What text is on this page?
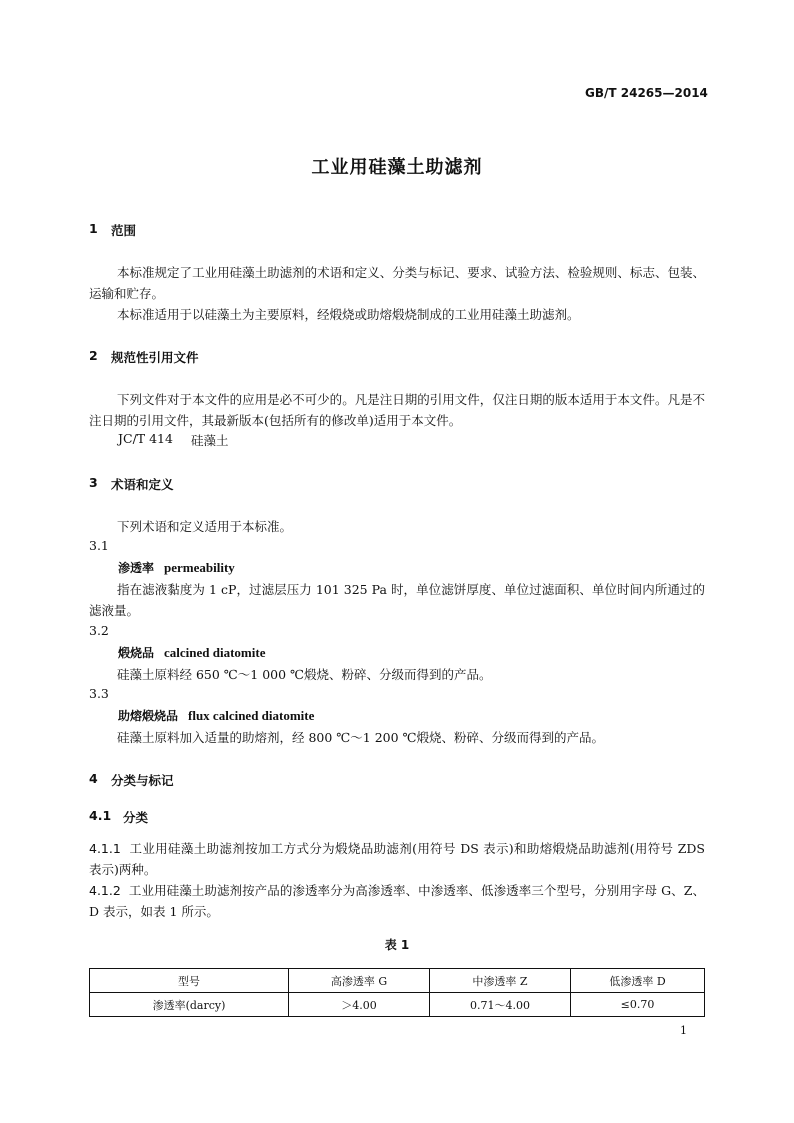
GB/T 24265—2014
工业用硅藻土助滤剂
1 范围
本标准规定了工业用硅藻土助滤剂的术语和定义、分类与标记、要求、试验方法、检验规则、标志、包装、运输和贮存。
本标准适用于以硅藻土为主要原料，经煅烧或助熔煅烧制成的工业用硅藻土助滤剂。
2 规范性引用文件
下列文件对于本文件的应用是必不可少的。凡是注日期的引用文件，仅注日期的版本适用于本文件。凡是不注日期的引用文件，其最新版本(包括所有的修改单)适用于本文件。
JC/T 414 硅藻土
3 术语和定义
下列术语和定义适用于本标准。
3.1
渗透率 permeability
指在滤液黏度为 1 cP，过滤层压力 101 325 Pa 时，单位滤饼厚度、单位过滤面积、单位时间内所通过的滤液量。
3.2
煅烧品 calcined diatomite
硅藻土原料经 650 ℃～1 000 ℃煅烧、粉碎、分级而得到的产品。
3.3
助熔煅烧品 flux calcined diatomite
硅藻土原料加入适量的助熔剂，经 800 ℃～1 200 ℃煅烧、粉碎、分级而得到的产品。
4 分类与标记
4.1 分类
4.1.1 工业用硅藻土助滤剂按加工方式分为煅烧品助滤剂(用符号 DS 表示)和助熔煅烧品助滤剂(用符号 ZDS 表示)两种。
4.1.2 工业用硅藻土助滤剂按产品的渗透率分为高渗透率、中渗透率、低渗透率三个型号，分别用字母 G、Z、D 表示，如表 1 所示。
表 1
型号	高渗透率 G	中渗透率 Z	低渗透率 D
渗透率(darcy)	＞4.00	0.71～4.00	≤0.70
1
